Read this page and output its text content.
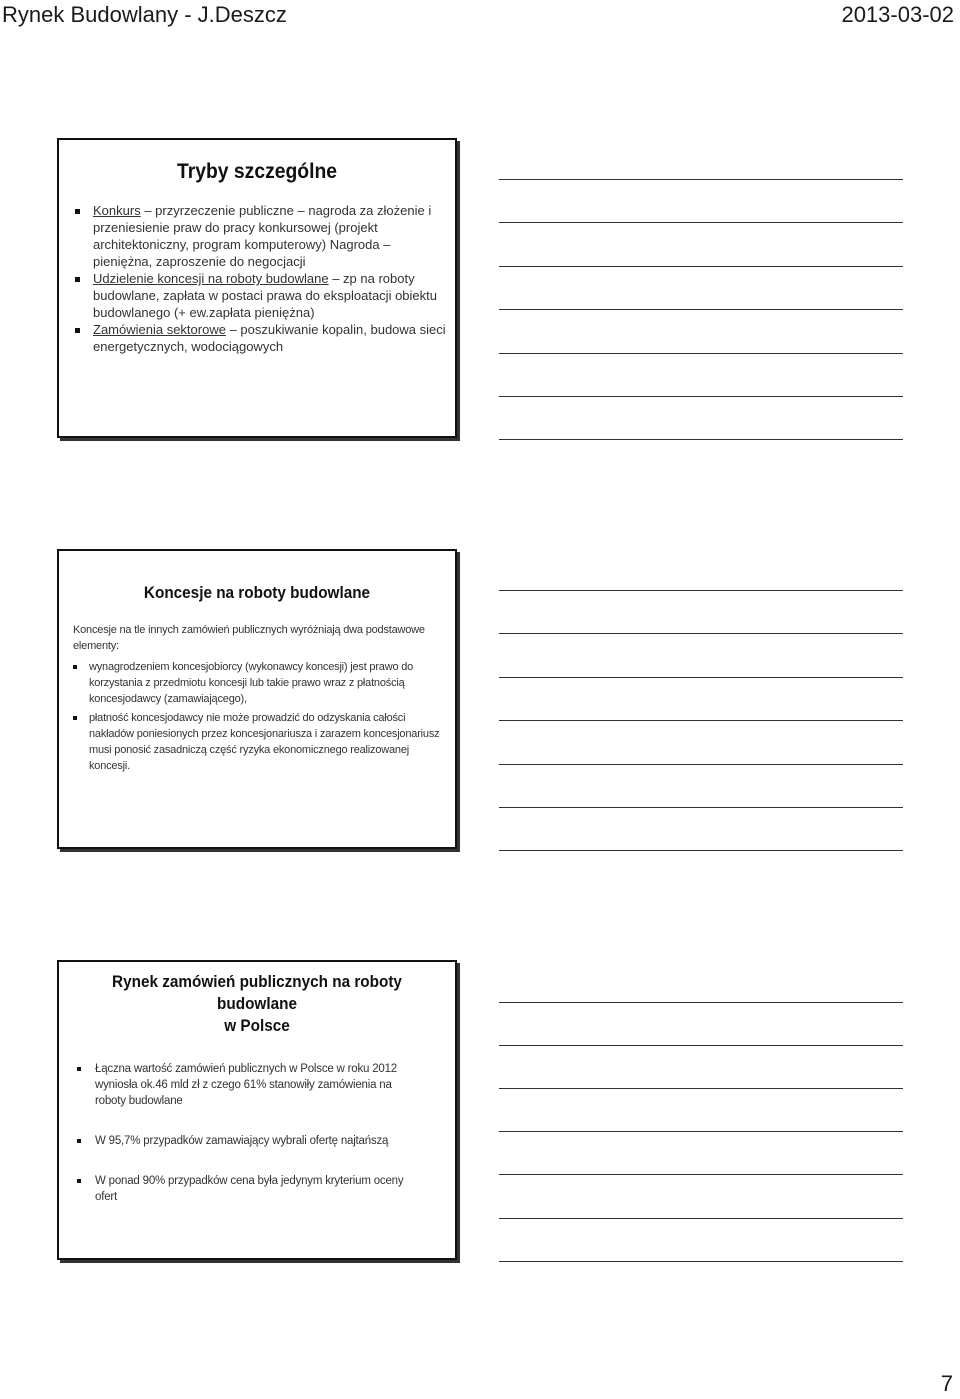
Rynek Budowlany - J.Deszcz	2013-03-02
Tryby szczególne
Konkurs – przyrzeczenie publiczne – nagroda za złożenie i przeniesienie praw do pracy konkursowej (projekt architektoniczny, program komputerowy) Nagroda – pieniężna, zaproszenie do negocjacji
Udzielenie koncesji na roboty budowlane – zp na roboty budowlane, zapłata w postaci prawa do eksploatacji obiektu budowlanego (+ ew.zapłata pieniężna)
Zamówienia sektorowe – poszukiwanie kopalin, budowa sieci energetycznych, wodociągowych
Koncesje na roboty budowlane
Koncesje na tle innych zamówień publicznych wyróżniają dwa podstawowe elementy:
wynagrodzeniem koncesjobiorcy (wykonawcy koncesji) jest prawo do korzystania z przedmiotu koncesji lub takie prawo wraz z płatnością koncesjodawcy (zamawiającego),
płatność koncesjodawcy nie może prowadzić do odzyskania całości nakładów poniesionych przez koncesjonariusza i zarazem koncesjonariusz musi ponosić zasadniczą część ryzyka ekonomicznego realizowanej koncesji.
Rynek zamówień publicznych na roboty budowlane
w Polsce
Łączna wartość zamówień publicznych w Polsce w roku 2012 wyniosła ok.46 mld zł z czego 61% stanowiły zamówienia na roboty budowlane
W 95,7% przypadków zamawiający wybrali ofertę najtańszą
W ponad 90% przypadków cena była jedynym kryterium oceny ofert
7
